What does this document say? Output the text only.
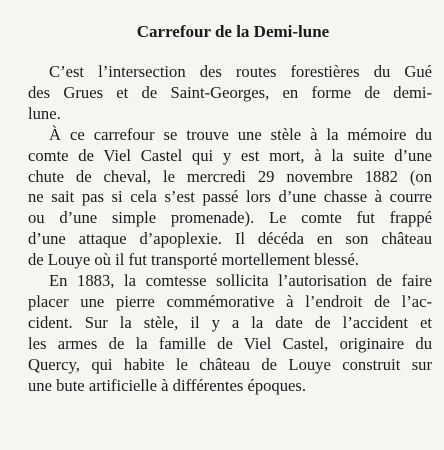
Carrefour de la Demi-lune

C’est l’intersection des routes forestières du Gué
des Grues et de Saint-Georges, en forme de demi-
lune.

À ce carrefour se trouve une stèle à la mémoire du
comte de Viel Castel qui y est mort, à la suite d’une
chute de cheval, le mercredi 29 novembre 1882 (on
ne sait pas si cela s’est passé lors d’une chasse à courre
ou d’une simple promenade). Le comte fut frappé
d’une attaque d’apoplexie. Il décéda en son château
de Louye où il fut transporté mortellement blessé.

En 1883, la comtesse sollicita l’autorisation de faire
placer une pierre commémorative à l’endroit de l’ac-
cident. Sur la stèle, il y a la date de l’accident et
les armes de la famille de Viel Castel, originaire du
Quercy, qui habite le château de Louye construit sur
une bute artificielle à différentes époques.
